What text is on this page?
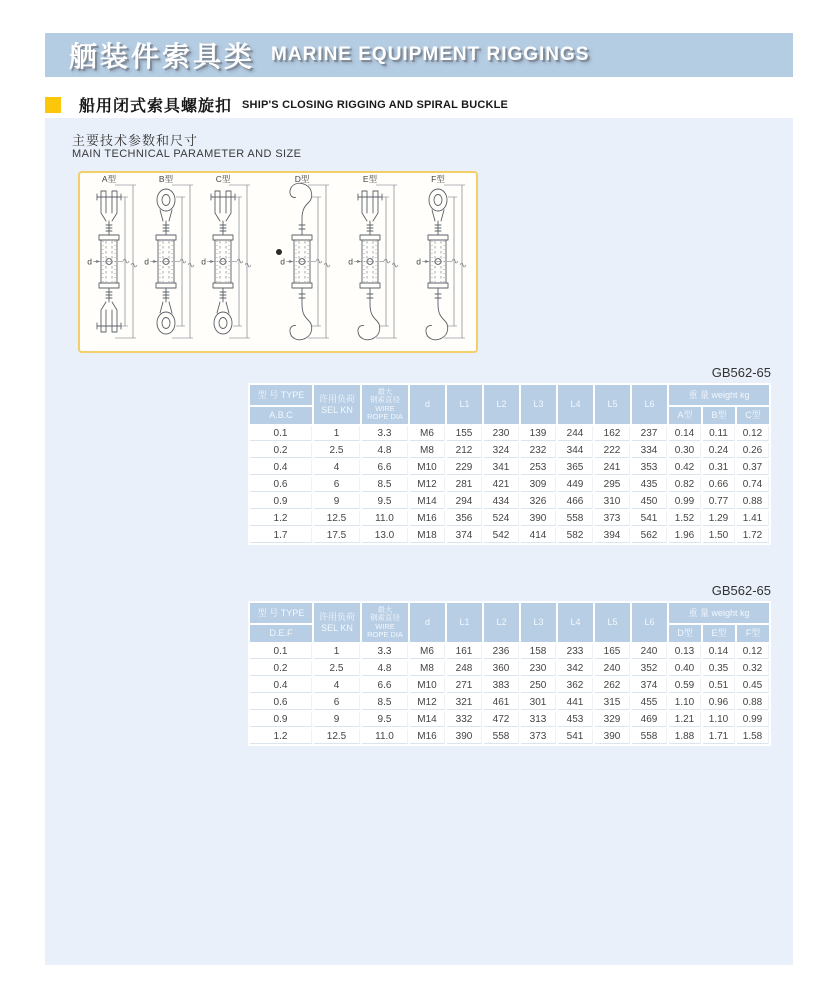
舾装件索具类 MARINE EQUIPMENT RIGGINGS
船用闭式索具螺旋扣 SHIP'S CLOSING RIGGING AND SPIRAL BUCKLE
主要技术参数和尺寸
MAIN TECHNICAL PARAMETER AND SIZE
A型
d
B型
d
C型
d
D型
d
E型
d
F型
d
GB562-65
型 号 TYPE	许用负荷
SEL KN

最大
钢索直径
WIRE
ROPE DIA
	d	L1	L2	L3	L4	L5	L6	重 量 weight kg
A.B.C										A型	B型	C型
0.1	1	3.3	M6	155	230	139	244	162	237	0.14	0.11	0.12
0.2	2.5	4.8	M8	212	324	232	344	222	334	0.30	0.24	0.26
0.4	4	6.6	M10	229	341	253	365	241	353	0.42	0.31	0.37
0.6	6	8.5	M12	281	421	309	449	295	435	0.82	0.66	0.74
0.9	9	9.5	M14	294	434	326	466	310	450	0.99	0.77	0.88
1.2	12.5	11.0	M16	356	524	390	558	373	541	1.52	1.29	1.41
1.7	17.5	13.0	M18	374	542	414	582	394	562	1.96	1.50	1.72
GB562-65
型 号 TYPE	许用负荷
SEL KN

最大
钢索直径
WIRE
ROPE DIA
	d	L1	L2	L3	L4	L5	L6	重 量 weight kg
D.E.F										D型	E型	F型
0.1	1	3.3	M6	161	236	158	233	165	240	0.13	0.14	0.12
0.2	2.5	4.8	M8	248	360	230	342	240	352	0.40	0.35	0.32
0.4	4	6.6	M10	271	383	250	362	262	374	0.59	0.51	0.45
0.6	6	8.5	M12	321	461	301	441	315	455	1.10	0.96	0.88
0.9	9	9.5	M14	332	472	313	453	329	469	1.21	1.10	0.99
1.2	12.5	11.0	M16	390	558	373	541	390	558	1.88	1.71	1.58
